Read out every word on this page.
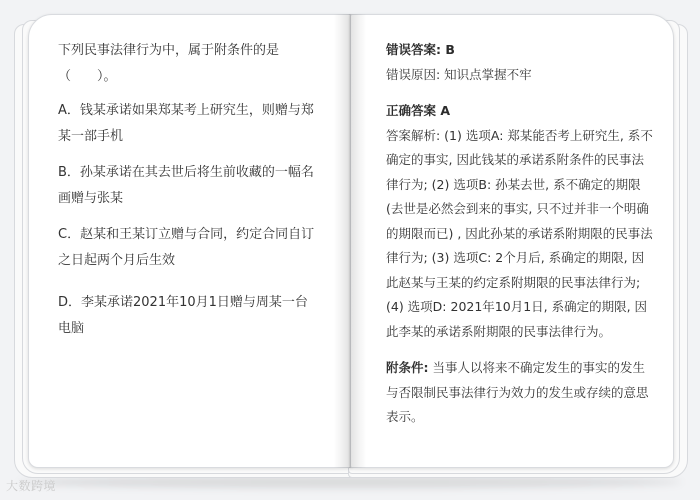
下列民事法律行为中，属于附条件的是（　　）。
A．钱某承诺如果郑某考上研究生，则赠与郑某一部手机
B．孙某承诺在其去世后将生前收藏的一幅名画赠与张某
C．赵某和王某订立赠与合同，约定合同自订之日起两个月后生效
D．李某承诺2021年10月1日赠与周某一台电脑
错误答案: B
错误原因: 知识点掌握不牢
正确答案 A
答案解析: (1) 选项A: 郑某能否考上研究生, 系不确定的事实, 因此钱某的承诺系附条件的民事法律行为; (2) 选项B: 孙某去世, 系不确定的期限 (去世是必然会到来的事实, 只不过并非一个明确的期限而已) , 因此孙某的承诺系附期限的民事法律行为; (3) 选项C: 2个月后, 系确定的期限, 因此赵某与王某的约定系附期限的民事法律行为; (4) 选项D: 2021年10月1日, 系确定的期限, 因此李某的承诺系附期限的民事法律行为。
附条件: 当事人以将来不确定发生的事实的发生与否限制民事法律行为效力的发生或存续的意思表示。
大数跨境
